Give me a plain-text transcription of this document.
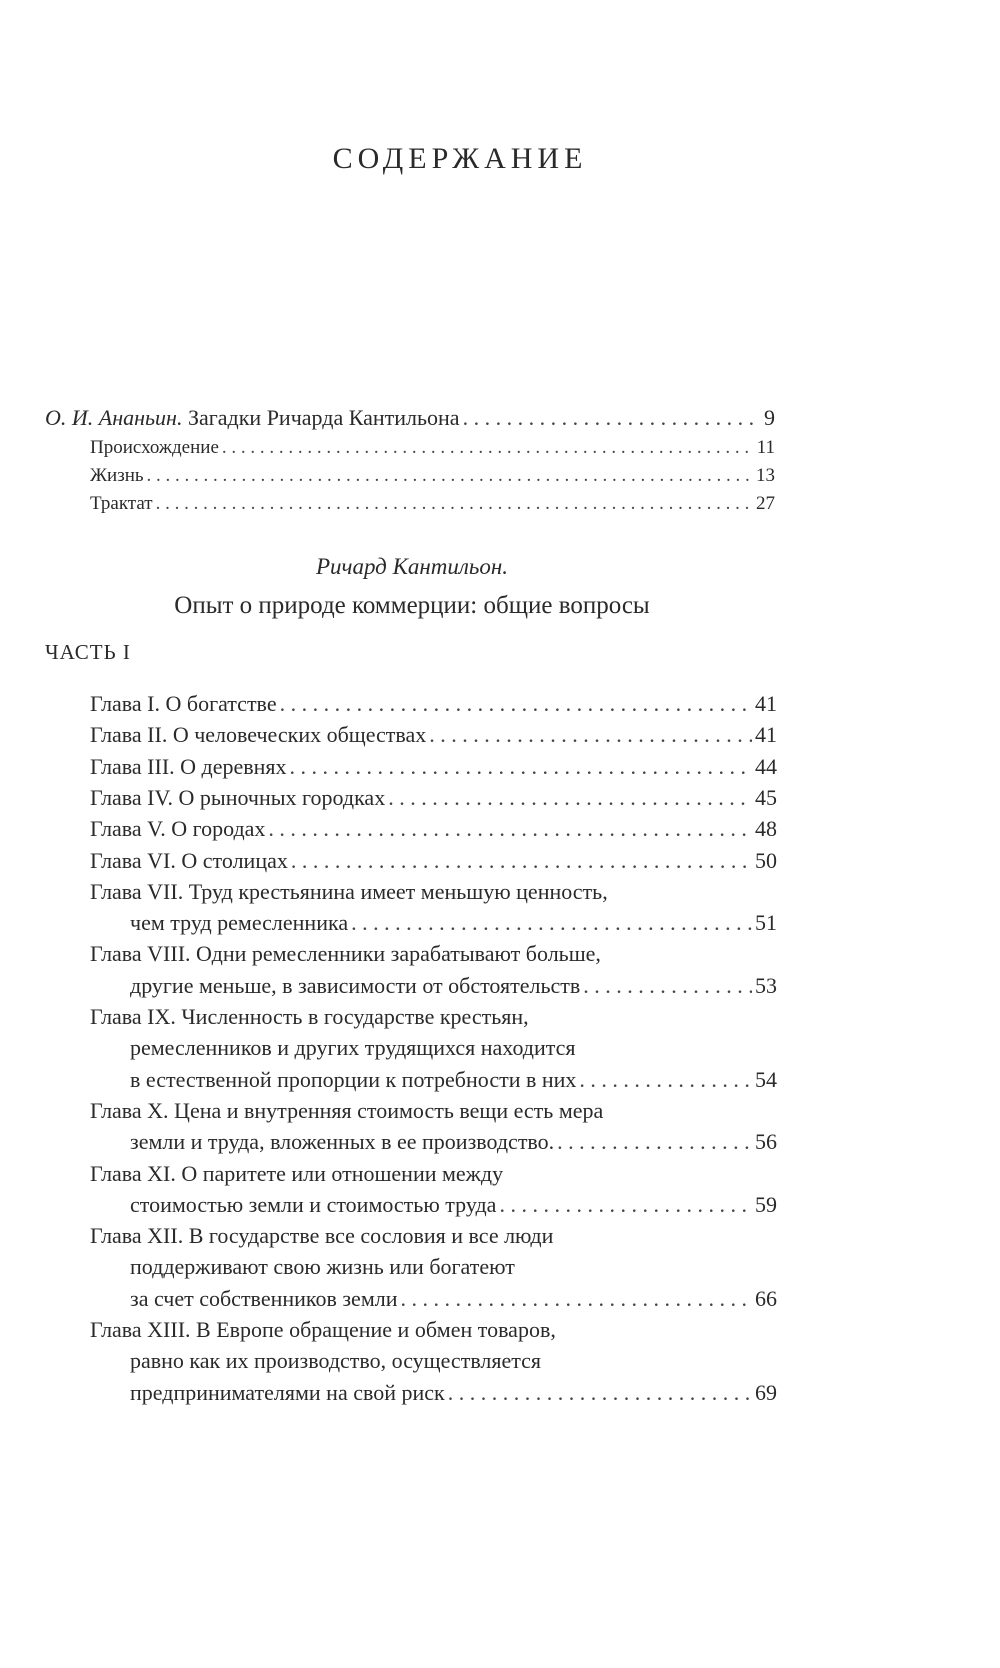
СОДЕРЖАНИЕ
О. И. Ананьин. Загадки Ричарда Кантильона . . .	9
Происхождение . . .	11
Жизнь . . .	13
Трактат . . .	27
Ричард Кантильон.
Опыт о природе коммерции: общие вопросы
ЧАСТЬ I
Глава I. О богатстве . . .	41
Глава II. О человеческих обществах . . .	41
Глава III. О деревнях . . .	44
Глава IV. О рыночных городках . . .	45
Глава V. О городах . . .	48
Глава VI. О столицах . . .	50
Глава VII. Труд крестьянина имеет меньшую ценность,
чем труд ремесленника . . .	51
Глава VIII. Одни ремесленники зарабатывают больше,
другие меньше, в зависимости от обстоятельств . . .	53
Глава IX. Численность в государстве крестьян,
ремесленников и других трудящихся находится
в естественной пропорции к потребности в них . . .	54
Глава X. Цена и внутренняя стоимость вещи есть мера
земли и труда, вложенных в ее производство. . . .	56
Глава XI. О паритете или отношении между
стоимостью земли и стоимостью труда . . .	59
Глава XII. В государстве все сословия и все люди
поддерживают свою жизнь или богатеют
за счет собственников земли . . .	66
Глава XIII. В Европе обращение и обмен товаров,
равно как их производство, осуществляется
предпринимателями на свой риск . . .	69
